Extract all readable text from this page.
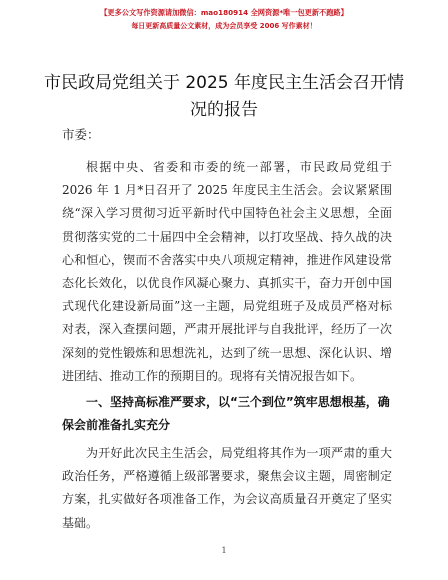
【更多公文写作资源请加微信：mao180914 全网资源*唯一包更新不跑路】
每日更新高质量公文素材，成为会员享受 2006 写作素材！
市民政局党组关于 2025 年度民主生活会召开情况的报告
市委：
根据中央、省委和市委的统一部署，市民政局党组于 2026 年 1 月*日召开了 2025 年度民主生活会。会议紧紧围绕“深入学习贯彻习近平新时代中国特色社会主义思想，全面贯彻落实党的二十届四中全会精神，以打攻坚战、持久战的决心和恒心，锲而不舍落实中央八项规定精神，推进作风建设常态化长效化，以优良作风凝心聚力、真抓实干，奋力开创中国式现代化建设新局面”这一主题，局党组班子及成员严格对标对表，深入查摆问题，严肃开展批评与自我批评，经历了一次深刻的党性锻炼和思想洗礼，达到了统一思想、深化认识、增进团结、推动工作的预期目的。现将有关情况报告如下。
一、坚持高标准严要求，以“三个到位”筑牢思想根基，确保会前准备扎实充分
为开好此次民主生活会，局党组将其作为一项严肃的重大政治任务，严格遵循上级部署要求，聚焦会议主题，周密制定方案，扎实做好各项准备工作，为会议高质量召开奠定了坚实基础。
1
